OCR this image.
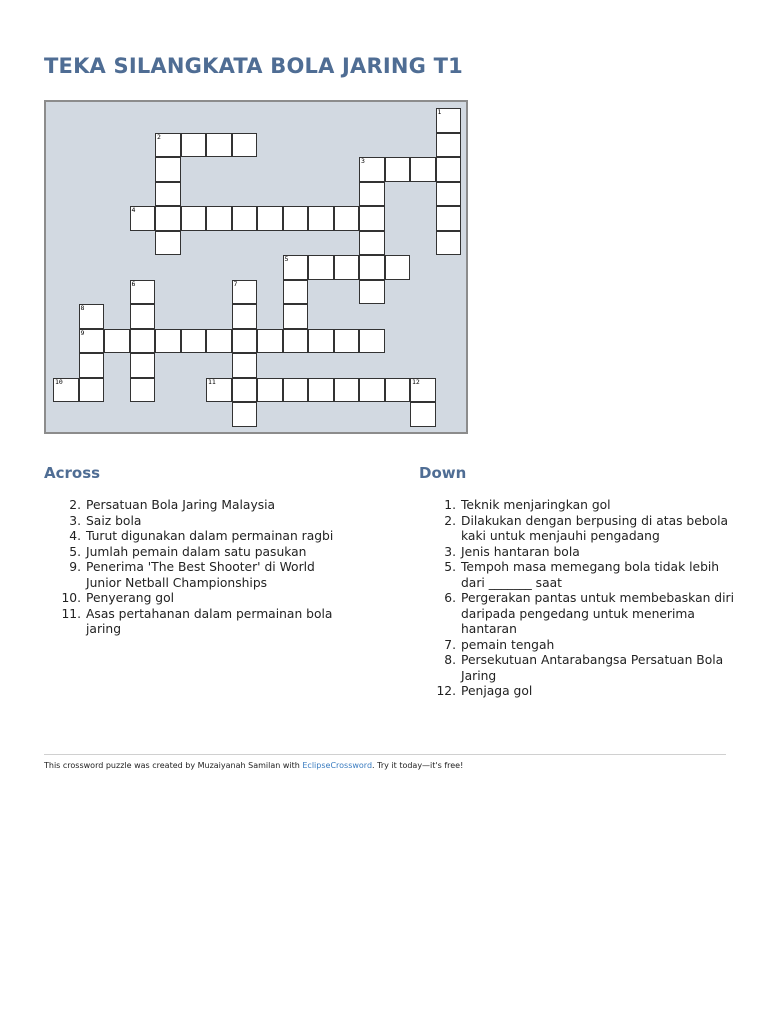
TEKA SILANGKATA BOLA JARING T1
1
2
3
4
5
6	7
8
9
10	11	12
Across
2. Persatuan Bola Jaring Malaysia
3. Saiz bola
4. Turut digunakan dalam permainan ragbi
5. Jumlah pemain dalam satu pasukan
9. Penerima 'The Best Shooter' di World Junior Netball Championships
10. Penyerang gol
11. Asas pertahanan dalam permainan bola jaring
Down
1. Teknik menjaringkan gol
2. Dilakukan dengan berpusing di atas bebola kaki untuk menjauhi pengadang
3. Jenis hantaran bola
5. Tempoh masa memegang bola tidak lebih dari _______ saat
6. Pergerakan pantas untuk membebaskan diri daripada pengedang untuk menerima hantaran
7. pemain tengah
8. Persekutuan Antarabangsa Persatuan Bola Jaring
12. Penjaga gol
This crossword puzzle was created by Muzaiyanah Samilan with EclipseCrossword. Try it today—it's free!
